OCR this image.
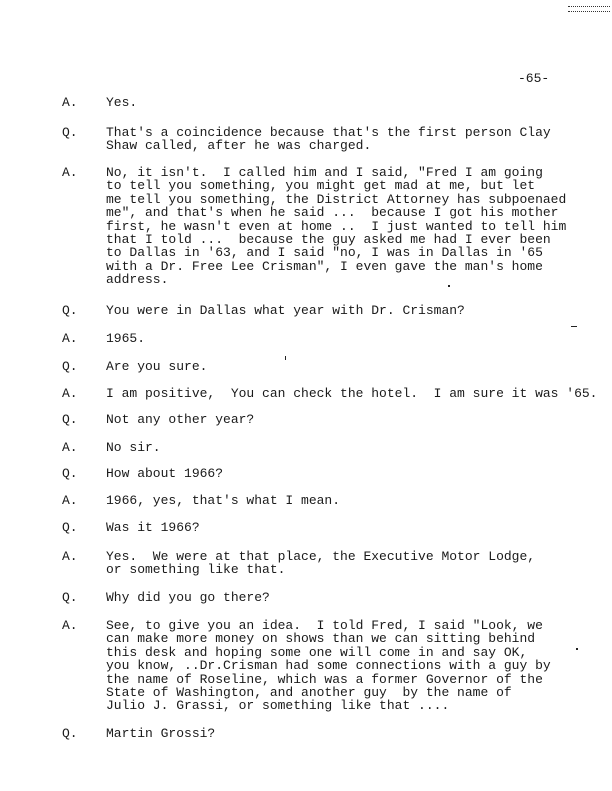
-65-
A. Yes.
Q. That's a coincidence because that's the first person Clay
Shaw called, after he was charged.
A. No, it isn't.  I called him and I said, "Fred I am going
to tell you something, you might get mad at me, but let
me tell you something, the District Attorney has subpoenaed
me", and that's when he said ...  because I got his mother
first, he wasn't even at home ..  I just wanted to tell him
that I told ...  because the guy asked me had I ever been
to Dallas in '63, and I said "no, I was in Dallas in '65
with a Dr. Free Lee Crisman", I even gave the man's home
address.
Q. You were in Dallas what year with Dr. Crisman?
A. 1965.
Q. Are you sure.
A. I am positive,  You can check the hotel.  I am sure it was '65.
Q. Not any other year?
A. No sir.
Q. How about 1966?
A. 1966, yes, that's what I mean.
Q. Was it 1966?
A. Yes.  We were at that place, the Executive Motor Lodge,
or something like that.
Q. Why did you go there?
A. See, to give you an idea.  I told Fred, I said "Look, we
can make more money on shows than we can sitting behind
this desk and hoping some one will come in and say OK,
you know, ..Dr.Crisman had some connections with a guy by
the name of Roseline, which was a former Governor of the
State of Washington, and another guy  by the name of
Julio J. Grassi, or something like that ....
Q. Martin Grossi?
